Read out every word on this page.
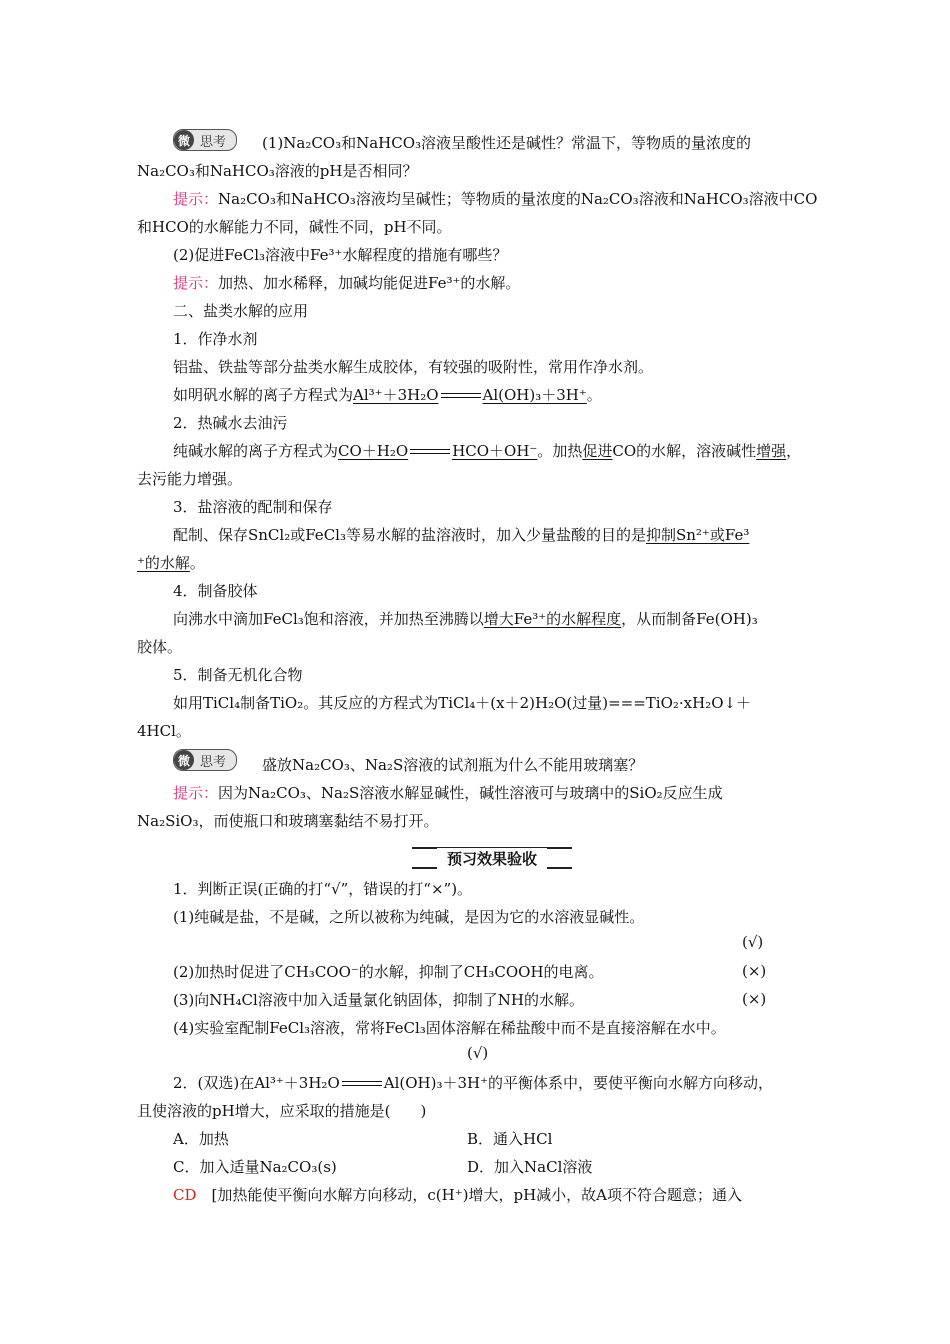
微 思考	(1)Na₂CO₃和NaHCO₃溶液呈酸性还是碱性？常温下，等物质的量浓度的
Na₂CO₃和NaHCO₃溶液的pH是否相同？
提示：Na₂CO₃和NaHCO₃溶液均呈碱性；等物质的量浓度的Na₂CO₃溶液和NaHCO₃溶液中CO
和HCO的水解能力不同，碱性不同，pH不同。
(2)促进FeCl₃溶液中Fe³⁺水解程度的措施有哪些？
提示：加热、加水稀释，加碱均能促进Fe³⁺的水解。
二、盐类水解的应用
1．作净水剂
铝盐、铁盐等部分盐类水解生成胶体，有较强的吸附性，常用作净水剂。
如明矾水解的离子方程式为Al³⁺＋3H₂O	Al(OH)₃＋3H⁺。
2．热碱水去油污
纯碱水解的离子方程式为CO＋H₂O	HCO＋OH⁻。加热促进CO的水解，溶液碱性增强，
去污能力增强。
3．盐溶液的配制和保存
配制、保存SnCl₂或FeCl₃等易水解的盐溶液时，加入少量盐酸的目的是抑制Sn²⁺或Fe³
⁺的水解。
4．制备胶体
向沸水中滴加FeCl₃饱和溶液，并加热至沸腾以增大Fe³⁺的水解程度，从而制备Fe(OH)₃
胶体。
5．制备无机化合物
如用TiCl₄制备TiO₂。其反应的方程式为TiCl₄＋(x＋2)H₂O(过量)===TiO₂·xH₂O↓＋
4HCl。
微 思考	盛放Na₂CO₃、Na₂S溶液的试剂瓶为什么不能用玻璃塞？
提示：因为Na₂CO₃、Na₂S溶液水解显碱性，碱性溶液可与玻璃中的SiO₂反应生成
Na₂SiO₃，而使瓶口和玻璃塞黏结不易打开。
预习效果验收
1．判断正误(正确的打“√”，错误的打“×”)。
(1)纯碱是盐，不是碱，之所以被称为纯碱，是因为它的水溶液显碱性。
(√)
(2)加热时促进了CH₃COO⁻的水解，抑制了CH₃COOH的电离。	(×)
(3)向NH₄Cl溶液中加入适量氯化钠固体，抑制了NH的水解。	(×)
(4)实验室配制FeCl₃溶液，常将FeCl₃固体溶解在稀盐酸中而不是直接溶解在水中。
(√)
2．(双选)在Al³⁺＋3H₂O	Al(OH)₃＋3H⁺的平衡体系中，要使平衡向水解方向移动，
且使溶液的pH增大，应采取的措施是(　　)
A．加热	B．通入HCl
C．加入适量Na₂CO₃(s)	D．加入NaCl溶液
CD　 [加热能使平衡向水解方向移动，c(H⁺)增大，pH减小，故A项不符合题意；通入
